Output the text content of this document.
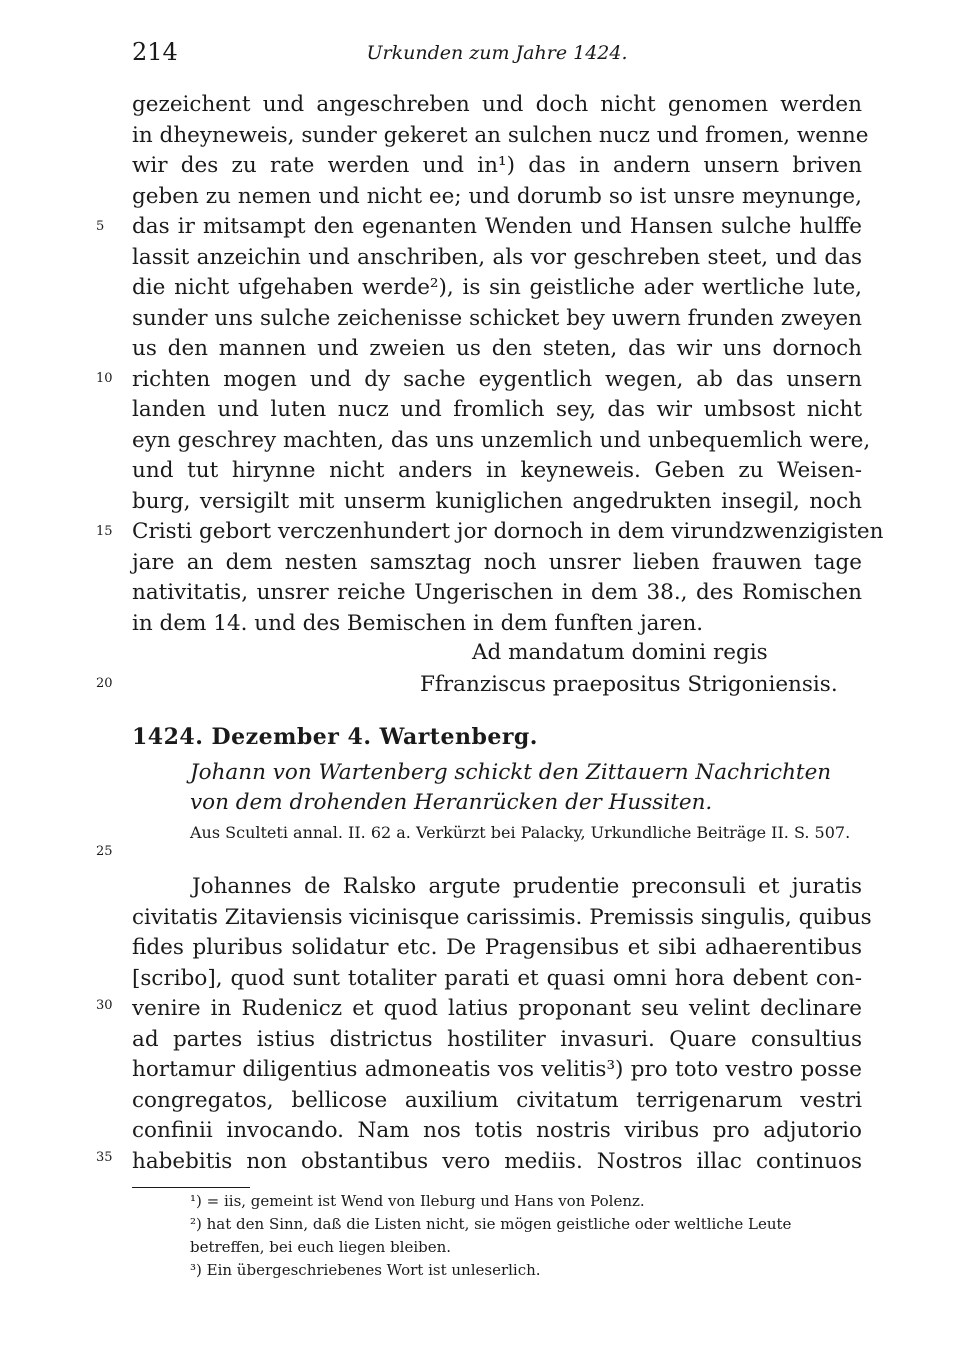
214	Urkunden zum Jahre 1424.
gezeichent und angeschreben und doch nicht genomen werden
in dheyneweis, sunder gekeret an sulchen nucz und fromen, wenne
wir des zu rate werden und in¹) das in andern unsern briven
geben zu nemen und nicht ee; und dorumb so ist unsre meynunge,
das ir mitsampt den egenanten Wenden und Hansen sulche hulffe
lassit anzeichin und anschriben, als vor geschreben steet, und das
die nicht ufgehaben werde²), is sin geistliche ader wertliche lute,
sunder uns sulche zeichenisse schicket bey uwern frunden zweyen
us den mannen und zweien us den steten, das wir uns dornoch
richten mogen und dy sache eygentlich wegen, ab das unsern
landen und luten nucz und fromlich sey, das wir umbsost nicht
eyn geschrey machten, das uns unzemlich und unbequemlich were,
und tut hirynne nicht anders in keyneweis. Geben zu Weisen-
burg, versigilt mit unserm kuniglichen angedrukten insegil, noch
Cristi gebort verczenhundert jor dornoch in dem virundzwenzigisten
jare an dem nesten samsztag noch unsrer lieben frauwen tage
nativitatis, unsrer reiche Ungerischen in dem 38., des Romischen
in dem 14. und des Bemischen in dem funften jaren.
Ad mandatum domini regis
Ffranziscus praepositus Strigoniensis.
1424. Dezember 4. Wartenberg.
Johann von Wartenberg schickt den Zittauern Nachrichten von dem drohenden Heranrücken der Hussiten.
Aus Sculteti annal. II. 62 a. Verkürzt bei Palacky, Urkundliche Beiträge II. S. 507.
Johannes de Ralsko argute prudentie preconsuli et juratis
civitatis Zitaviensis vicinisque carissimis. Premissis singulis, quibus
fides pluribus solidatur etc. De Pragensibus et sibi adhaerentibus
[scribo], quod sunt totaliter parati et quasi omni hora debent con-
venire in Rudenicz et quod latius proponant seu velint declinare
ad partes istius districtus hostiliter invasuri. Quare consultius
hortamur diligentius admoneatis vos velitis³) pro toto vestro posse
congregatos, bellicose auxilium civitatum terrigenarum vestri
confinii invocando. Nam nos totis nostris viribus pro adjutorio
habebitis non obstantibus vero mediis. Nostros illac continuos
5
10
15
20
25
30
35
¹) = iis, gemeint ist Wend von Ileburg und Hans von Polenz.
²) hat den Sinn, daß die Listen nicht, sie mögen geistliche oder weltliche Leute betreffen, bei euch liegen bleiben.
³) Ein übergeschriebenes Wort ist unleserlich.
